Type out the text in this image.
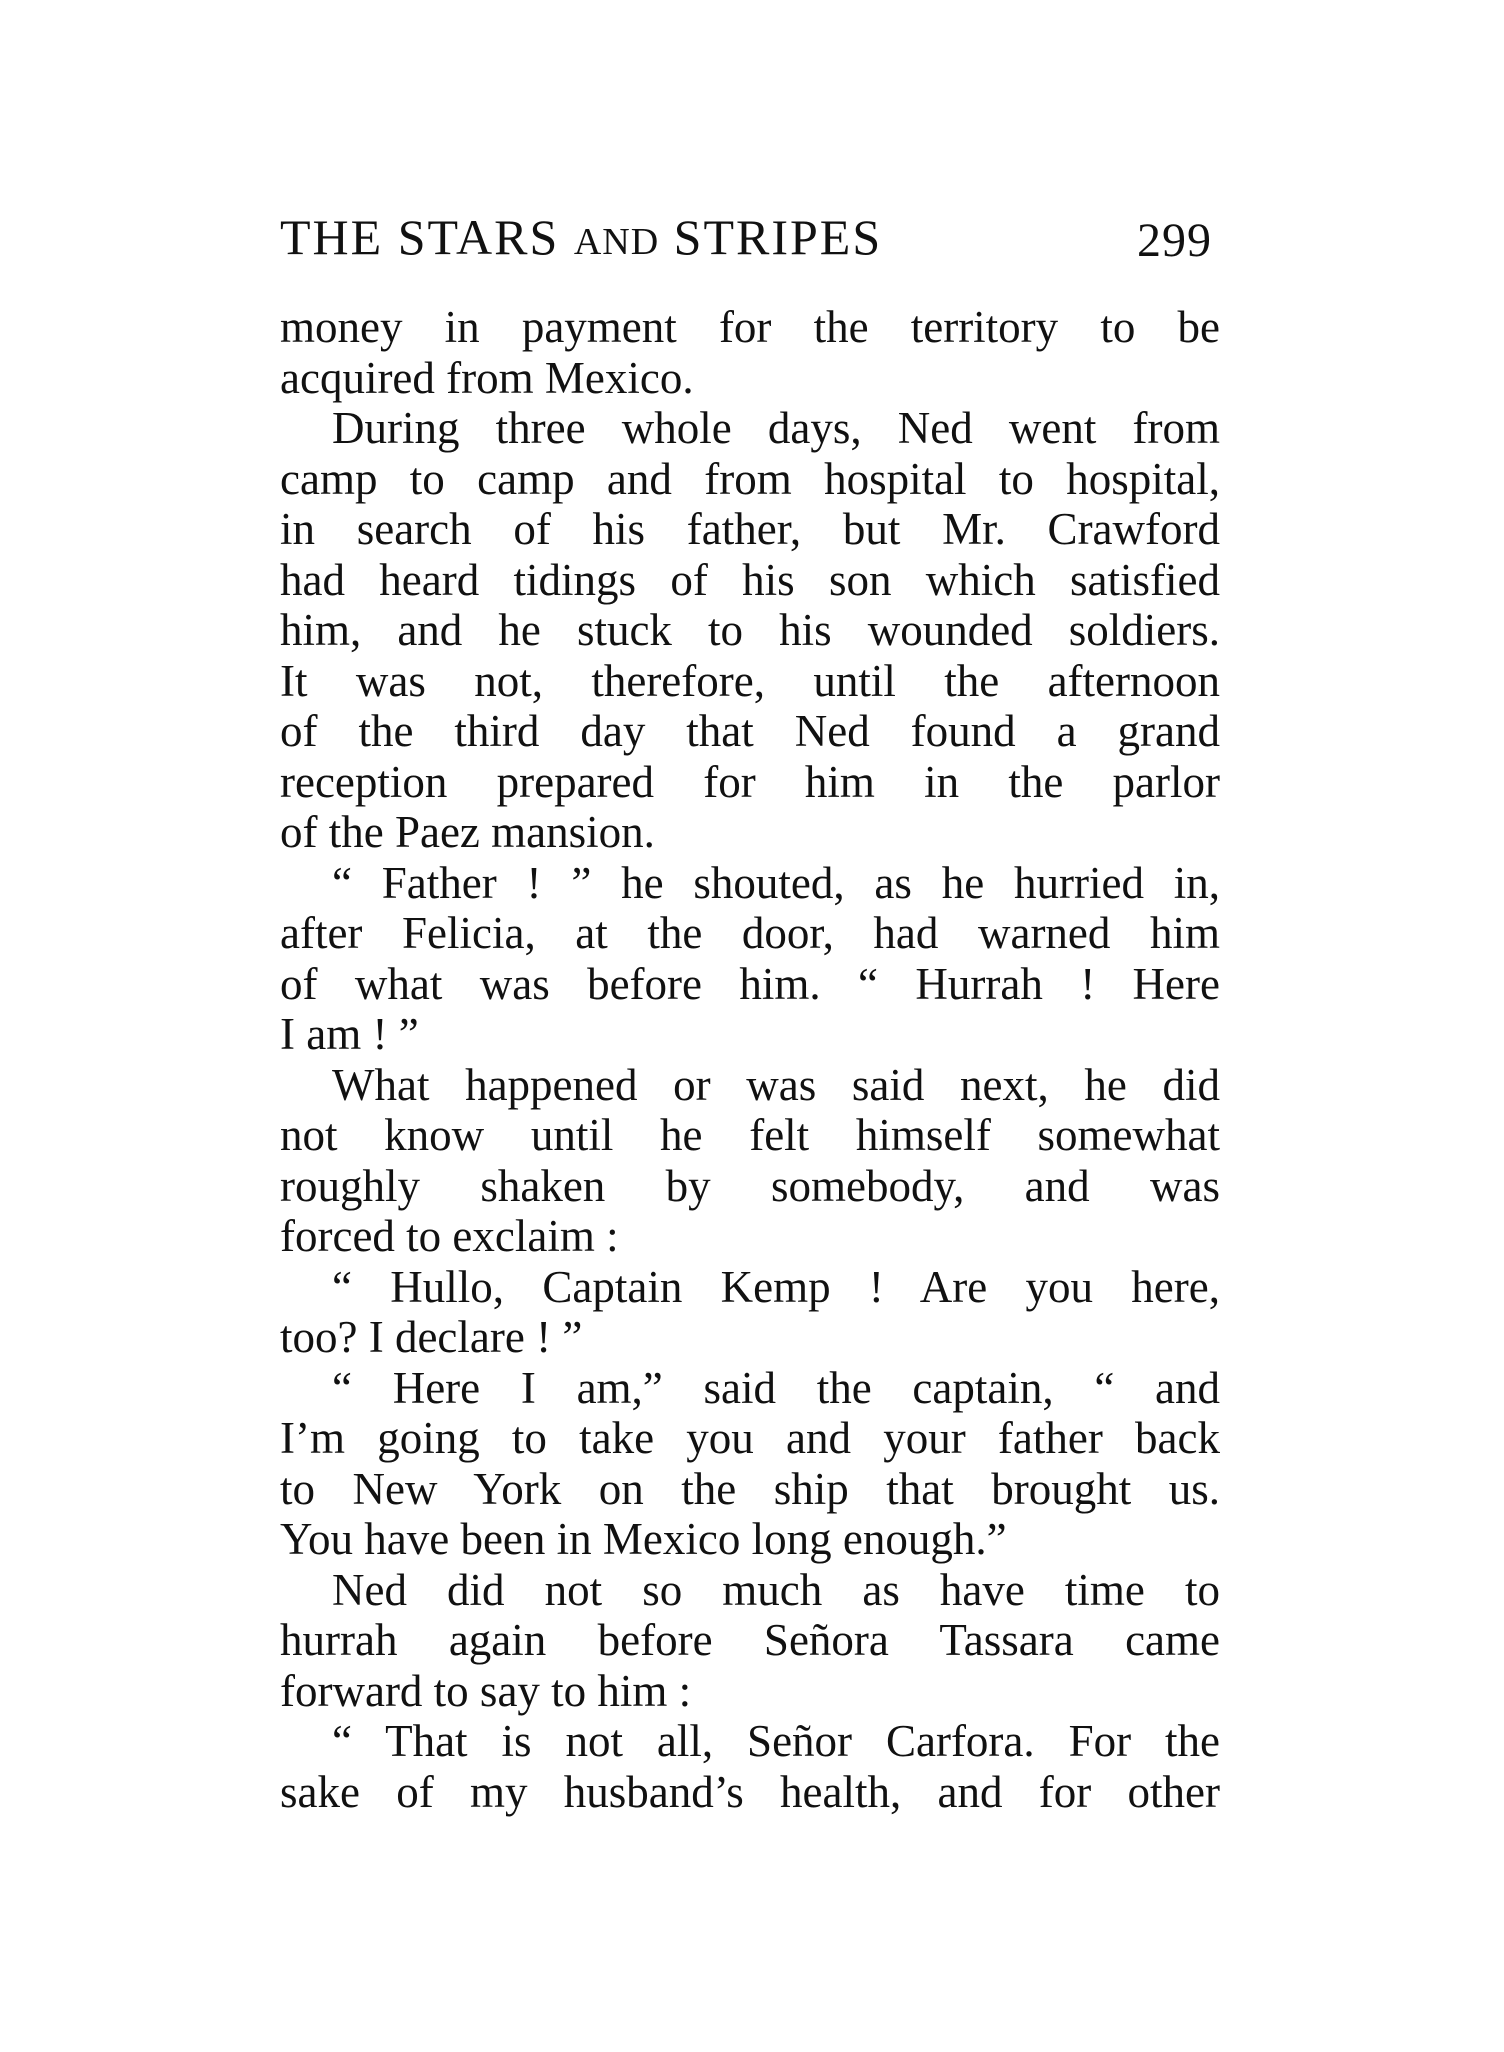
THE STARS AND STRIPES	299
money in payment for the territory to be
acquired from Mexico.
During three whole days, Ned went from
camp to camp and from hospital to hospital,
in search of his father, but Mr. Crawford
had heard tidings of his son which satisfied
him, and he stuck to his wounded soldiers.
It was not, therefore, until the afternoon
of the third day that Ned found a grand
reception prepared for him in the parlor
of the Paez mansion.
“ Father ! ” he shouted, as he hurried in,
after Felicia, at the door, had warned him
of what was before him. “ Hurrah ! Here
I am ! ”
What happened or was said next, he did
not know until he felt himself somewhat
roughly shaken by somebody, and was
forced to exclaim :
“ Hullo, Captain Kemp ! Are you here,
too? I declare ! ”
“ Here I am,” said the captain, “ and
I’m going to take you and your father back
to New York on the ship that brought us.
You have been in Mexico long enough.”
Ned did not so much as have time to
hurrah again before Señora Tassara came
forward to say to him :
“ That is not all, Señor Carfora. For the
sake of my husband’s health, and for other
